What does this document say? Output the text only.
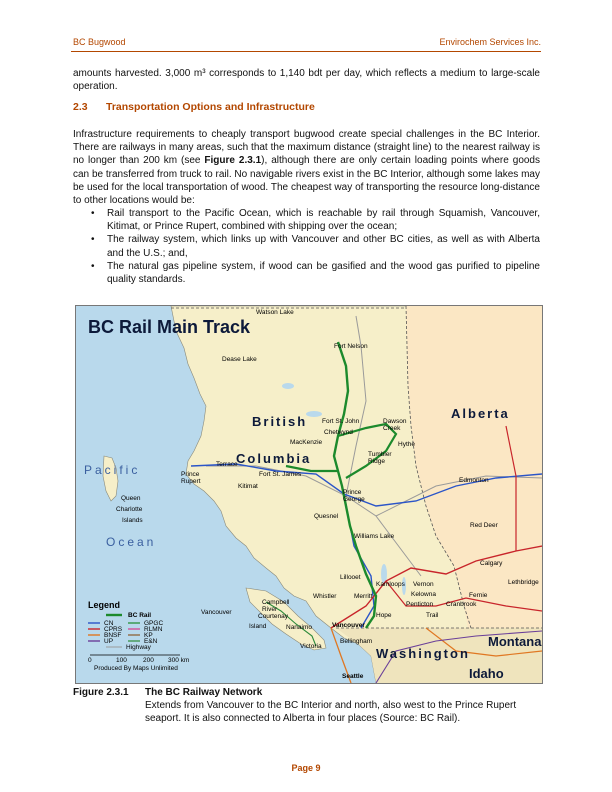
BC Bugwood	Envirochem Services Inc.
amounts harvested. 3,000 m³ corresponds to 1,140 bdt per day, which reflects a medium to large-scale operation.
2.3 Transportation Options and Infrastructure
Infrastructure requirements to cheaply transport bugwood create special challenges in the BC Interior. There are railways in many areas, such that the maximum distance (straight line) to the nearest railway is no longer than 200 km (see Figure 2.3.1), although there are only certain loading points where goods can be transferred from truck to rail. No navigable rivers exist in the BC Interior, although some lakes may be used for the local transportation of wood. The cheapest way of transporting the resource long-distance to other locations would be:
• Rail transport to the Pacific Ocean, which is reachable by rail through Squamish, Vancouver, Kitimat, or Prince Rupert, combined with shipping over the ocean;
• The railway system, which links up with Vancouver and other BC cities, as well as with Alberta and the U.S.; and,
• The natural gas pipeline system, if wood can be gasified and the wood gas purified to pipeline quality standards.
BC Rail Main Track
British
Columbia
Alberta
Pacific
Ocean
Washington
Montana
Idaho
Queen
Charlotte
Islands
Vancouver
Island
Watson Lake
Fort Nelson
Dease Lake
Fort St. John	Dawson
Creek
Chetwynd
MacKenzie	Hythe
Tumbler
Ridge
Terrace
Prince
Rupert
Fort St. James
Kitimat
Prince
George
Quesnel
Edmonton
Red Deer
Williams Lake
Calgary
Lethbridge
Lillooet
Kamloops Vernon
Kelowna
Penticton Cranbrook
Fernie
Trail
Whistler	Merritt
Hope
Campbell
River
Courtenay
Nanaimo	Vancouver
Victoria
Bellingham
Seattle
Legend
BC Rail
CN	GPGC
CPRS	RLMN
BNSF	KP
UP	E&N
Highway
0	100 200 300 km
Produced By Maps Unlimited
Figure 2.3.1 The BC Railway Network
Extends from Vancouver to the BC Interior and north, also west to the Prince Rupert seaport. It is also connected to Alberta in four places (Source: BC Rail).
Page 9
